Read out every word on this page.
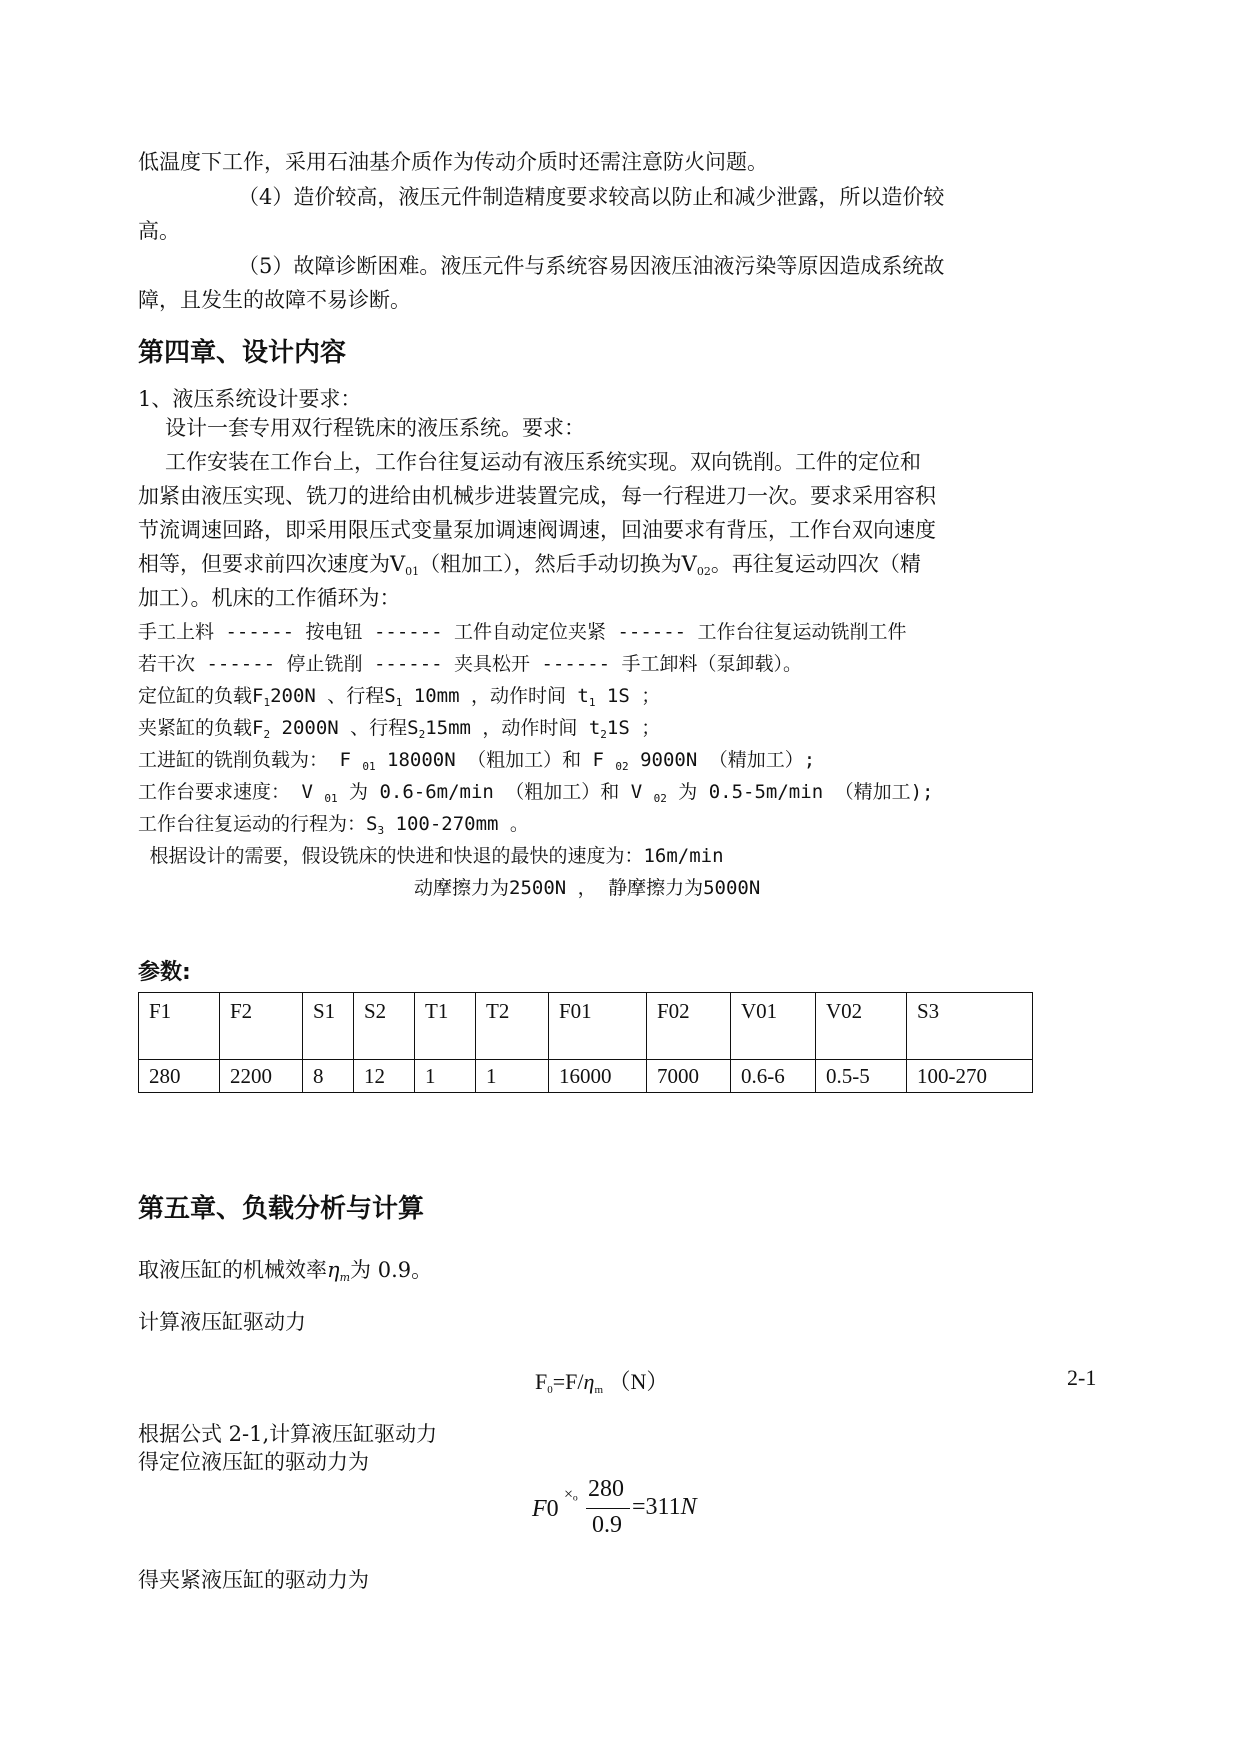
低温度下工作，采用石油基介质作为传动介质时还需注意防火问题。
（4）造价较高，液压元件制造精度要求较高以防止和减少泄露，所以造价较
高。
（5）故障诊断困难。液压元件与系统容易因液压油液污染等原因造成系统故
障，且发生的故障不易诊断。
第四章、设计内容
1、液压系统设计要求：
设计一套专用双行程铣床的液压系统。要求：
工作安装在工作台上，工作台往复运动有液压系统实现。双向铣削。工件的定位和
加紧由液压实现、铣刀的进给由机械步进装置完成，每一行程进刀一次。要求采用容积
节流调速回路，即采用限压式变量泵加调速阀调速，回油要求有背压，工作台双向速度
相等，但要求前四次速度为$V_{01}$（粗加工），然后手动切换为$V_{02}$。再往复运动四次（精
加工）。机床的工作循环为：
手工上料 ------ 按电钮 ------ 工件自动定位夹紧 ------ 工作台往复运动铣削工件
若干次 ------ 停止铣削 ------ 夹具松开 ------ 手工卸料（泵卸载）。
定位缸的负载$F_1200N$ 、行程$S_1$ 10mm ，动作时间 $t_1$ 1S ；
夹紧缸的负载$F_2$ 2000N 、行程$S_215mm$ ，动作时间 $t_21S$ ；
工进缸的铣削负载为： F $_{01}$ 18000N （粗加工）和 F $_{02}$ 9000N （精加工）;
工作台要求速度： V $_{01}$ 为 0.6-6m/min （粗加工）和 V $_{02}$ 为 0.5-5m/min （精加工);
工作台往复运动的行程为：$S_3$ 100-270mm 。
根据设计的需要，假设铣床的快进和快退的最快的速度为：16m/min
动摩擦力为2500N ， 静摩擦力为5000N
参数:
F1	F2	S1	S2	T1	T2	F01	F02	V01	V02	S3
280	2200	8	12	1	1	16000	7000	0.6-6	0.5-5	100-270
第五章、负载分析与计算
取液压缸的机械效率$\eta_m$为 0.9。
计算液压缸驱动力
$F_0=F/\eta_m$ （N）	2-1
根据公式 2-1,计算液压缸驱动力
得定位液压缸的驱动力为
F0
×ₒ 280
0.9
=311N
得夹紧液压缸的驱动力为
